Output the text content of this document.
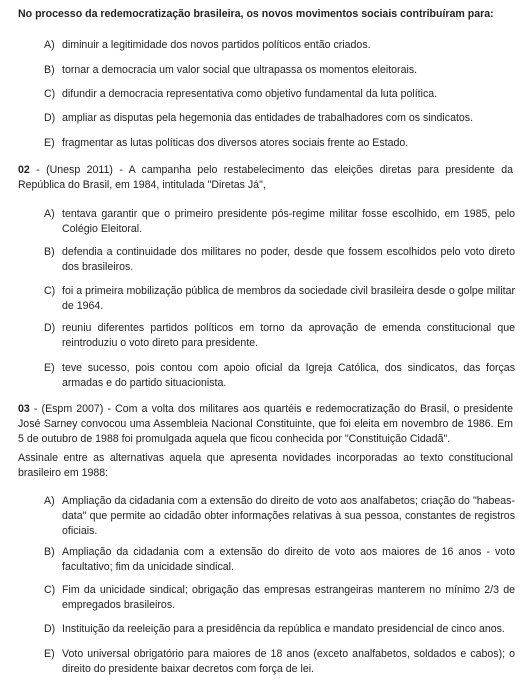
No processo da redemocratização brasileira, os novos movimentos sociais contribuíram para:
A) diminuir a legitimidade dos novos partidos políticos então criados.
B) tornar a democracia um valor social que ultrapassa os momentos eleitorais.
C) difundir a democracia representativa como objetivo fundamental da luta política.
D) ampliar as disputas pela hegemonia das entidades de trabalhadores com os sindicatos.
E) fragmentar as lutas políticas dos diversos atores sociais frente ao Estado.
02 - (Unesp 2011) - A campanha pelo restabelecimento das eleições diretas para presidente da República do Brasil, em 1984, intitulada "Diretas Já",
A) tentava garantir que o primeiro presidente pós-regime militar fosse escolhido, em 1985, pelo Colégio Eleitoral.
B) defendia a continuidade dos militares no poder, desde que fossem escolhidos pelo voto direto dos brasileiros.
C) foi a primeira mobilização pública de membros da sociedade civil brasileira desde o golpe militar de 1964.
D) reuniu diferentes partidos políticos em torno da aprovação de emenda constitucional que reintroduziu o voto direto para presidente.
E) teve sucesso, pois contou com apoio oficial da Igreja Católica, dos sindicatos, das forças armadas e do partido situacionista.
03 - (Espm 2007) - Com a volta dos militares aos quartéis e redemocratização do Brasil, o presidente José Sarney convocou uma Assembleia Nacional Constituinte, que foi eleita em novembro de 1986. Em 5 de outubro de 1988 foi promulgada aquela que ficou conhecida por "Constituição Cidadã".
Assinale entre as alternativas aquela que apresenta novidades incorporadas ao texto constitucional brasileiro em 1988:
A) Ampliação da cidadania com a extensão do direito de voto aos analfabetos; criação do "habeas-data" que permite ao cidadão obter informações relativas à sua pessoa, constantes de registros oficiais.
B) Ampliação da cidadania com a extensão do direito de voto aos maiores de 16 anos - voto facultativo; fim da unicidade sindical.
C) Fim da unicidade sindical; obrigação das empresas estrangeiras manterem no mínimo 2/3 de empregados brasileiros.
D) Instituição da reeleição para a presidência da república e mandato presidencial de cinco anos.
E) Voto universal obrigatório para maiores de 18 anos (exceto analfabetos, soldados e cabos); o direito do presidente baixar decretos com força de lei.
